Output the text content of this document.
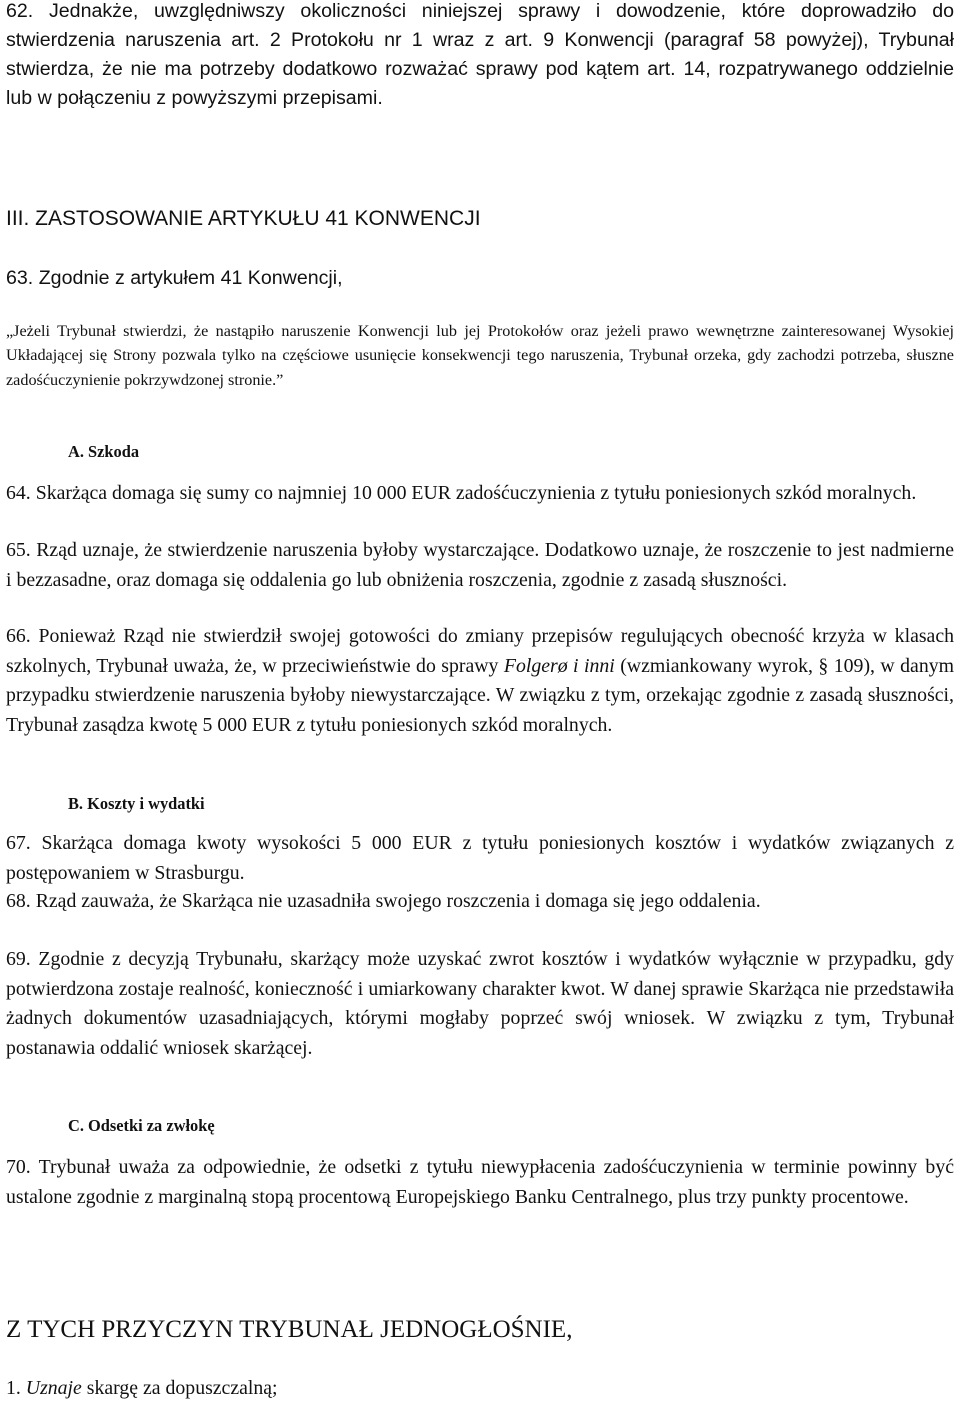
62. Jednakże, uwzględniwszy okoliczności niniejszej sprawy i dowodzenie, które doprowadziło do stwierdzenia naruszenia art. 2 Protokołu nr 1 wraz z art. 9 Konwencji (paragraf 58 powyżej), Trybunał stwierdza, że nie ma potrzeby dodatkowo rozważać sprawy pod kątem art. 14, rozpatrywanego oddzielnie lub w połączeniu z powyższymi przepisami.
III. ZASTOSOWANIE ARTYKUŁU 41 KONWENCJI
63. Zgodnie z artykułem 41 Konwencji,
„Jeżeli Trybunał stwierdzi, że nastąpiło naruszenie Konwencji lub jej Protokołów oraz jeżeli prawo wewnętrzne zainteresowanej Wysokiej Układającej się Strony pozwala tylko na częściowe usunięcie konsekwencji tego naruszenia, Trybunał orzeka, gdy zachodzi potrzeba, słuszne zadośćuczynienie pokrzywdzonej stronie.”
A. Szkoda
64. Skarżąca domaga się sumy co najmniej 10 000 EUR zadośćuczynienia z tytułu poniesionych szkód moralnych.
65. Rząd uznaje, że stwierdzenie naruszenia byłoby wystarczające. Dodatkowo uznaje, że roszczenie to jest nadmierne i bezzasadne, oraz domaga się oddalenia go lub obniżenia roszczenia, zgodnie z zasadą słuszności.
66. Ponieważ Rząd nie stwierdził swojej gotowości do zmiany przepisów regulujących obecność krzyża w klasach szkolnych, Trybunał uważa, że, w przeciwieństwie do sprawy Folgerø i inni (wzmiankowany wyrok, § 109), w danym przypadku stwierdzenie naruszenia byłoby niewystarczające. W związku z tym, orzekając zgodnie z zasadą słuszności, Trybunał zasądza kwotę 5 000 EUR z tytułu poniesionych szkód moralnych.
B. Koszty i wydatki
67. Skarżąca domaga kwoty wysokości 5 000 EUR z tytułu poniesionych kosztów i wydatków związanych z postępowaniem w Strasburgu.
68. Rząd zauważa, że Skarżąca nie uzasadniła swojego roszczenia i domaga się jego oddalenia.
69. Zgodnie z decyzją Trybunału, skarżący może uzyskać zwrot kosztów i wydatków wyłącznie w przypadku, gdy potwierdzona zostaje realność, konieczność i umiarkowany charakter kwot. W danej sprawie Skarżąca nie przedstawiła żadnych dokumentów uzasadniających, którymi mogłaby poprzeć swój wniosek. W związku z tym, Trybunał postanawia oddalić wniosek skarżącej.
C. Odsetki za zwłokę
70. Trybunał uważa za odpowiednie, że odsetki z tytułu niewypłacenia zadośćuczynienia w terminie powinny być ustalone zgodnie z marginalną stopą procentową Europejskiego Banku Centralnego, plus trzy punkty procentowe.
Z TYCH PRZYCZYN TRYBUNAŁ JEDNOGŁOŚNIE,
1. Uznaje skargę za dopuszczalną;
